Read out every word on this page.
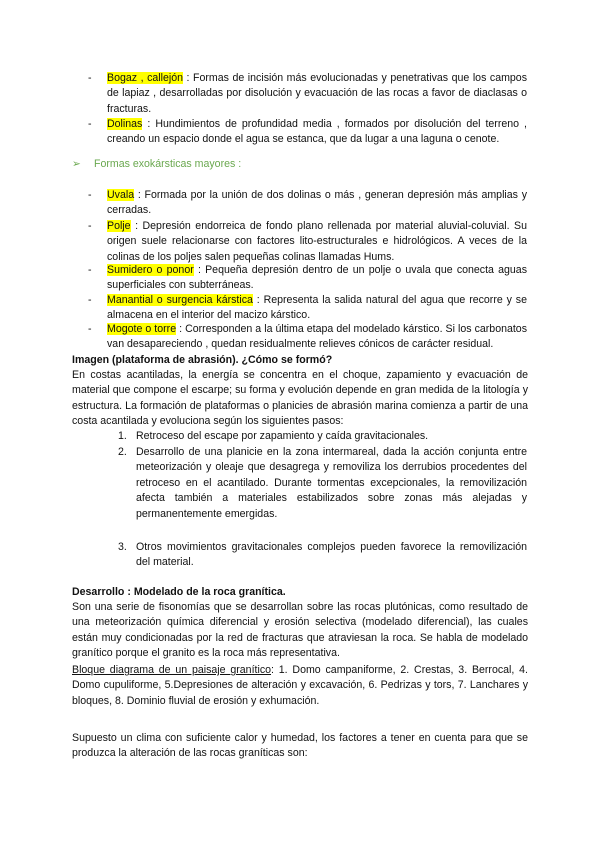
- Bogaz , callejón : Formas de incisión más evolucionadas y penetrativas que los campos de lapiaz , desarrolladas por disolución y evacuación de las rocas a favor de diaclasas o fracturas.
- Dolinas : Hundimientos de profundidad media , formados por disolución del terreno , creando un espacio donde el agua se estanca, que da lugar a una laguna o cenote.
➢ Formas exokársticas mayores :
- Uvala : Formada por la unión de dos dolinas o más , generan depresión más amplias y cerradas.
- Polje : Depresión endorreica de fondo plano rellenada por material aluvial-coluvial. Su origen suele relacionarse con factores lito-estructurales e hidrológicos. A veces de la colinas de los poljes salen pequeñas colinas llamadas Hums.
- Sumidero o ponor : Pequeña depresión dentro de un polje o uvala que conecta aguas superficiales con subterráneas.
- Manantial o surgencia kárstica : Representa la salida natural del agua que recorre y se almacena en el interior del macizo kárstico.
- Mogote o torre : Corresponden a la última etapa del modelado kárstico. Si los carbonatos van desapareciendo , quedan residualmente relieves cónicos de carácter residual.
Imagen (plataforma de abrasión). ¿Cómo se formó?
En costas acantiladas, la energía se concentra en el choque, zapamiento y evacuación de material que compone el escarpe; su forma y evolución depende en gran medida de la litología y estructura. La formación de plataformas o planicies de abrasión marina comienza a partir de una costa acantilada y evoluciona según los siguientes pasos:
1. Retroceso del escape por zapamiento y caída gravitacionales.
2. Desarrollo de una planicie en la zona intermareal, dada la acción conjunta entre meteorización y oleaje que desagrega y removiliza los derrubios procedentes del retroceso en el acantilado. Durante tormentas excepcionales, la removilización afecta también a materiales estabilizados sobre zonas más alejadas y permanentemente emergidas.
3. Otros movimientos gravitacionales complejos pueden favorece la removilización del material.
Desarrollo : Modelado de la roca granítica.
Son una serie de fisonomías que se desarrollan sobre las rocas plutónicas, como resultado de una meteorización química diferencial y erosión selectiva (modelado diferencial), las cuales están muy condicionadas por la red de fracturas que atraviesan la roca. Se habla de modelado granítico porque el granito es la roca más representativa.
Bloque diagrama de un paisaje granítico: 1. Domo campaniforme, 2. Crestas, 3. Berrocal, 4. Domo cupuliforme, 5.Depresiones de alteración y excavación, 6. Pedrizas y tors, 7. Lanchares y bloques, 8. Dominio fluvial de erosión y exhumación.
Supuesto un clima con suficiente calor y humedad, los factores a tener en cuenta para que se produzca la alteración de las rocas graníticas son:
